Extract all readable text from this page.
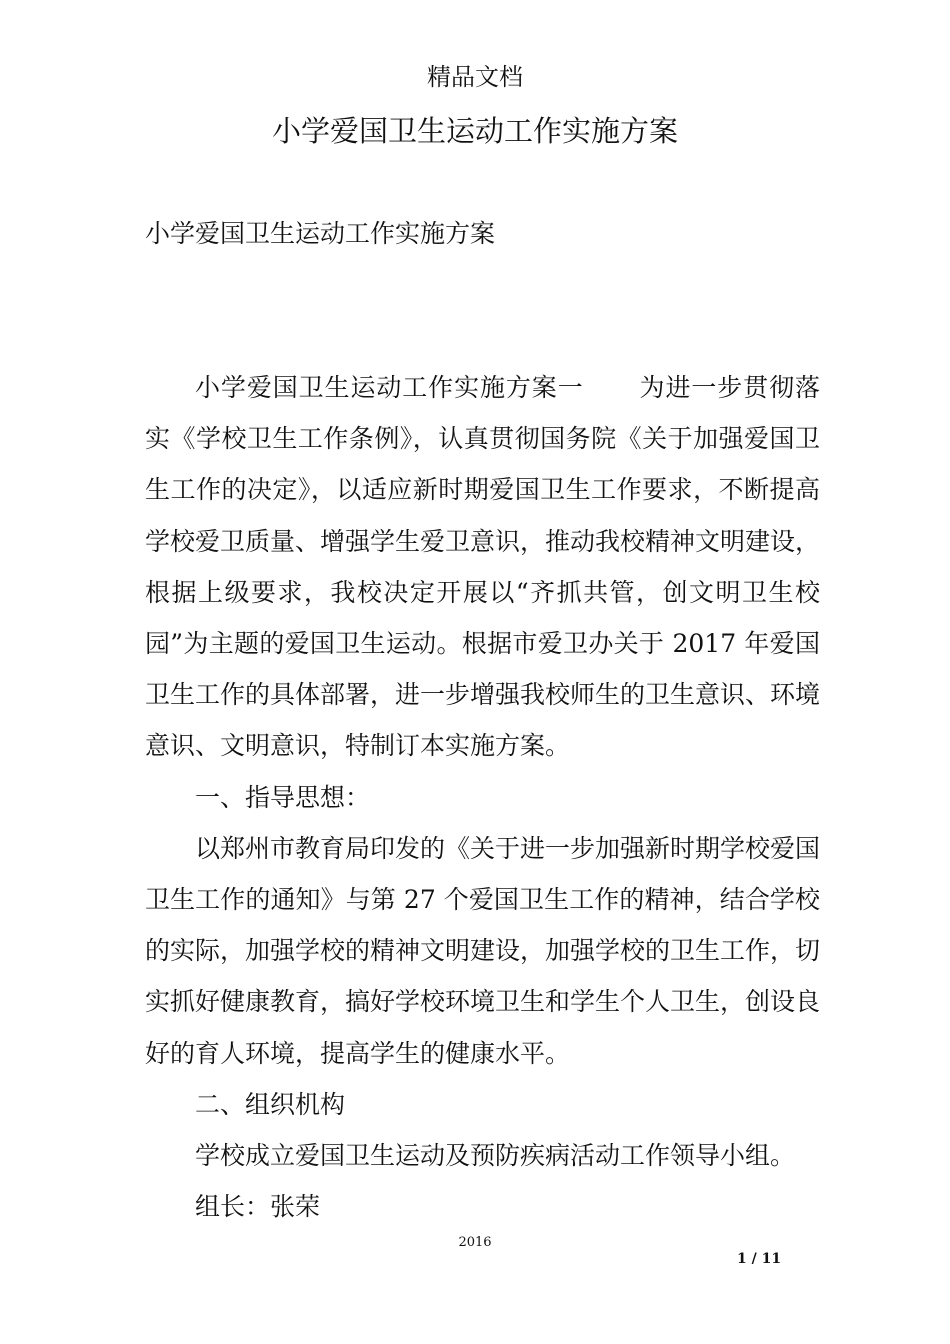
精品文档
小学爱国卫生运动工作实施方案
小学爱国卫生运动工作实施方案

小学爱国卫生运动工作实施方案一 为进一步贯彻落实《学校卫生工作条例》，认真贯彻国务院《关于加强爱国卫生工作的决定》，以适应新时期爱国卫生工作要求，不断提高学校爱卫质量、增强学生爱卫意识，推动我校精神文明建设，根据上级要求，我校决定开展以“齐抓共管，创文明卫生校园”为主题的爱国卫生运动。根据市爱卫办关于 2017 年爱国卫生工作的具体部署，进一步增强我校师生的卫生意识、环境意识、文明意识，特制订本实施方案。

一、指导思想：

以郑州市教育局印发的《关于进一步加强新时期学校爱国卫生工作的通知》与第 27 个爱国卫生工作的精神，结合学校的实际，加强学校的精神文明建设，加强学校的卫生工作，切实抓好健康教育，搞好学校环境卫生和学生个人卫生，创设良好的育人环境，提高学生的健康水平。

二、组织机构

学校成立爱国卫生运动及预防疾病活动工作领导小组。

组长：张荣

2016
1 / 11
